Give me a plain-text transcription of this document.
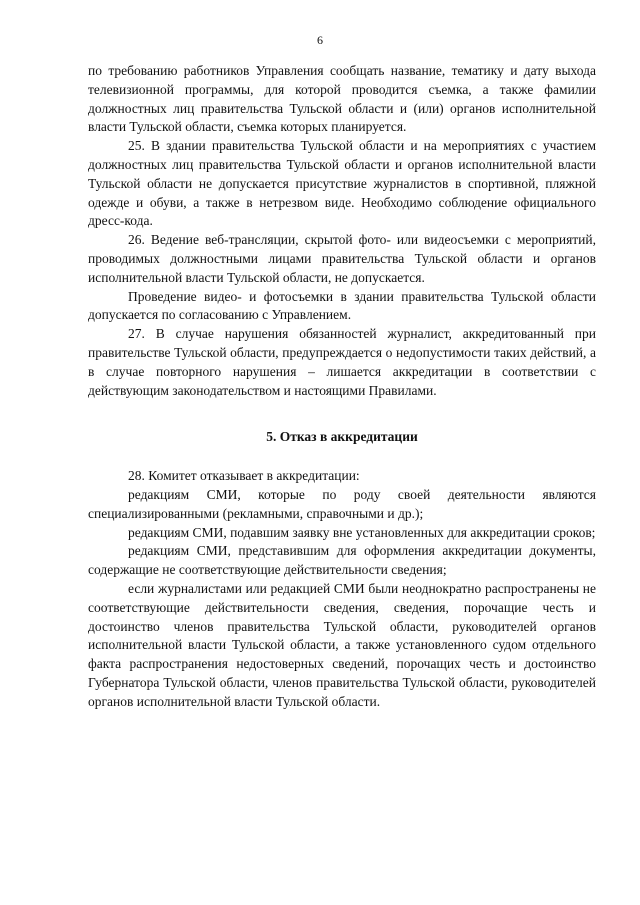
6

по требованию работников Управления сообщать название, тематику и дату выхода телевизионной программы, для которой проводится съемка, а также фамилии должностных лиц правительства Тульской области и (или) органов исполнительной власти Тульской области, съемка которых планируется.

25. В здании правительства Тульской области и на мероприятиях с участием должностных лиц правительства Тульской области и органов исполнительной власти Тульской области не допускается присутствие журналистов в спортивной, пляжной одежде и обуви, а также в нетрезвом виде. Необходимо соблюдение официального дресс-кода.

26. Ведение веб-трансляции, скрытой фото- или видеосъемки с мероприятий, проводимых должностными лицами правительства Тульской области и органов исполнительной власти Тульской области, не допускается.

Проведение видео- и фотосъемки в здании правительства Тульской области допускается по согласованию с Управлением.

27. В случае нарушения обязанностей журналист, аккредитованный при правительстве Тульской области, предупреждается о недопустимости таких действий, а в случае повторного нарушения – лишается аккредитации в соответствии с действующим законодательством и настоящими Правилами.

5. Отказ в аккредитации

28. Комитет отказывает в аккредитации:

редакциям СМИ, которые по роду своей деятельности являются специализированными (рекламными, справочными и др.);

редакциям СМИ, подавшим заявку вне установленных для аккредитации сроков;

редакциям СМИ, представившим для оформления аккредитации документы, содержащие не соответствующие действительности сведения;

если журналистами или редакцией СМИ были неоднократно распространены не соответствующие действительности сведения, сведения, порочащие честь и достоинство членов правительства Тульской области, руководителей органов исполнительной власти Тульской области, а также установленного судом отдельного факта распространения недостоверных сведений, порочащих честь и достоинство Губернатора Тульской области, членов правительства Тульской области, руководителей органов исполнительной власти Тульской области.
